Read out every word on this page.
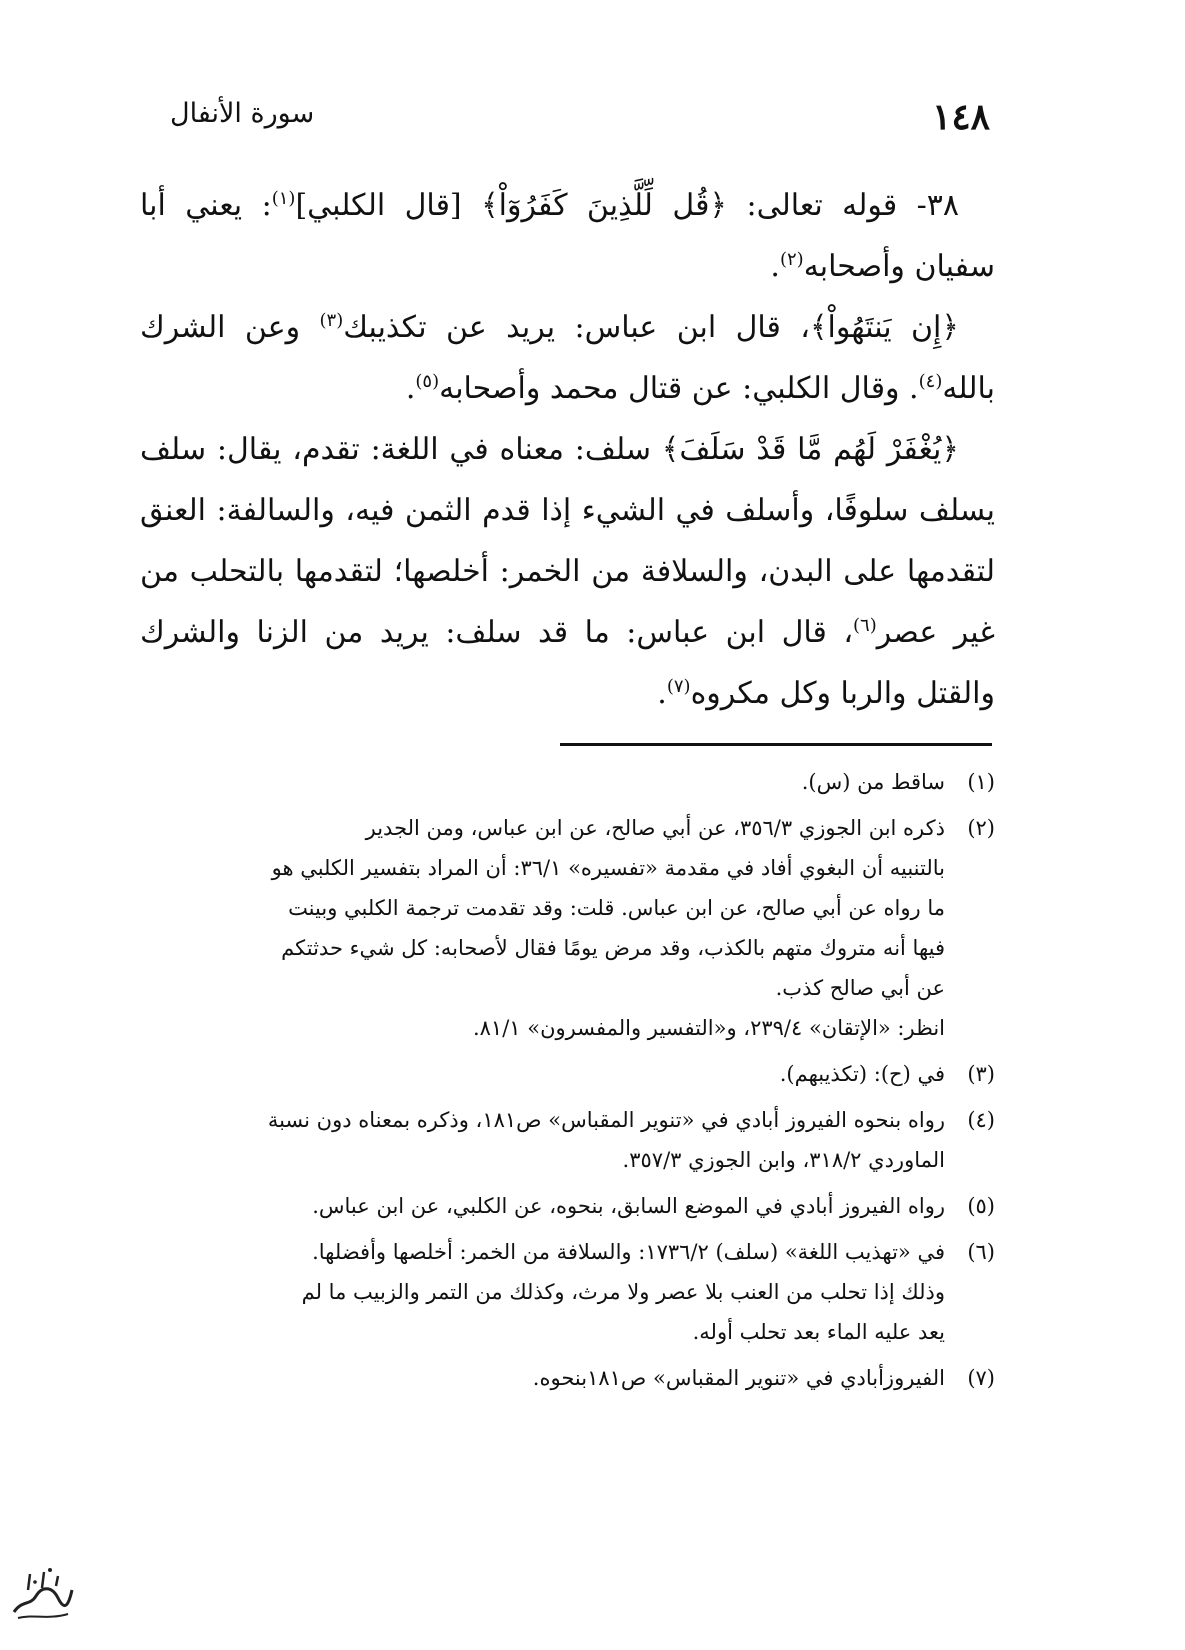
١٤٨
سورة الأنفال

٣٨- قوله تعالى: ﴿قُل لِّلَّذِينَ كَفَرُوٓاْ﴾ [قال الكلبي]$^{(١)}$: يعني أبا سفيان وأصحابه$^{(٢)}$.

﴿إِن يَنتَهُواْ﴾، قال ابن عباس: يريد عن تكذيبك$^{(٣)}$ وعن الشرك بالله$^{(٤)}$. وقال الكلبي: عن قتال محمد وأصحابه$^{(٥)}$.

﴿يُغْفَرْ لَهُم مَّا قَدْ سَلَفَ﴾ سلف: معناه في اللغة: تقدم، يقال: سلف يسلف سلوفًا، وأسلف في الشيء إذا قدم الثمن فيه، والسالفة: العنق لتقدمها على البدن، والسلافة من الخمر: أخلصها؛ لتقدمها بالتحلب من غير عصر$^{(٦)}$، قال ابن عباس: ما قد سلف: يريد من الزنا والشرك والقتل والربا وكل مكروه$^{(٧)}$.

(١)
ساقط من (س).
(٢)
ذكره ابن الجوزي ٣٥٦/٣، عن أبي صالح، عن ابن عباس، ومن الجدير
بالتنبيه أن البغوي أفاد في مقدمة «تفسيره» ٣٦/١: أن المراد بتفسير الكلبي هو
ما رواه عن أبي صالح، عن ابن عباس. قلت: وقد تقدمت ترجمة الكلبي وبينت
فيها أنه متروك متهم بالكذب، وقد مرض يومًا فقال لأصحابه: كل شيء حدثتكم
عن أبي صالح كذب.
انظر: «الإتقان» ٢٣٩/٤، و«التفسير والمفسرون» ٨١/١.
(٣)
في (ح): (تكذيبهم).
(٤)
رواه بنحوه الفيروز أبادي في «تنوير المقباس» ص١٨١، وذكره بمعناه دون نسبة
الماوردي ٣١٨/٢، وابن الجوزي ٣٥٧/٣.
(٥)
رواه الفيروز أبادي في الموضع السابق، بنحوه، عن الكلبي، عن ابن عباس.
(٦)
في «تهذيب اللغة» (سلف) ١٧٣٦/٢: والسلافة من الخمر: أخلصها وأفضلها.
وذلك إذا تحلب من العنب بلا عصر ولا مرث، وكذلك من التمر والزبيب ما لم
يعد عليه الماء بعد تحلب أوله.
(٧)
الفيروزأبادي في «تنوير المقباس» ص١٨١بنحوه.
